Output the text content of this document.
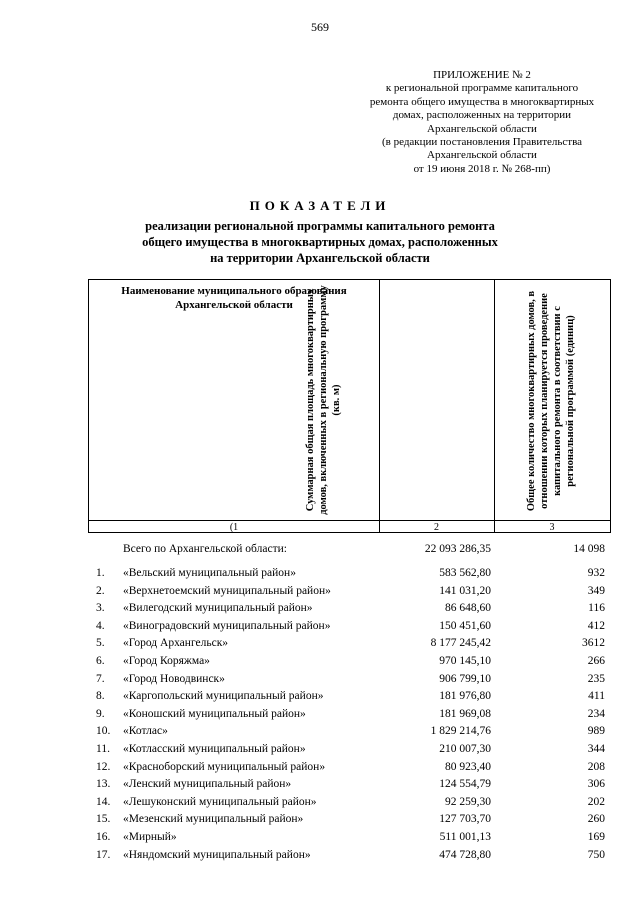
569
ПРИЛОЖЕНИЕ № 2
к региональной программе капитального
ремонта общего имущества в многоквартирных
домах, расположенных на территории
Архангельской области
(в редакции постановления Правительства
Архангельской области
от 19 июня 2018 г. № 268-пп)
ПОКАЗАТЕЛИ
реализации региональной программы капитального ремонта
общего имущества в многоквартирных домах, расположенных
на территории Архангельской области
Наименование муниципального образования Архангельской области	Суммарная общая площадь многоквартирных домов, включенных в региональную программу (кв. м)	Общее количество многоквартирных домов, в отношении которых планируется проведение капитального ремонта в соответствии с региональной программой (единиц)
(1	2	3
Всего по Архангельской области:	22 093 286,35	14 098
1. «Вельский муниципальный район»	583 562,80	932
2. «Верхнетоемский муниципальный район»	141 031,20	349
3. «Вилегодский муниципальный район»	86 648,60	116
4. «Виноградовский муниципальный район»	150 451,60	412
5. «Город Архангельск»	8 177 245,42	3612
6. «Город Коряжма»	970 145,10	266
7. «Город Новодвинск»	906 799,10	235
8. «Каргопольский муниципальный район»	181 976,80	411
9. «Коношский муниципальный район»	181 969,08	234
10. «Котлас»	1 829 214,76	989
11. «Котласский муниципальный район»	210 007,30	344
12. «Красноборский муниципальный район»	80 923,40	208
13. «Ленский муниципальный район»	124 554,79	306
14. «Лешуконский муниципальный район»	92 259,30	202
15. «Мезенский муниципальный район»	127 703,70	260
16. «Мирный»	511 001,13	169
17. «Няндомский муниципальный район»	474 728,80	750
